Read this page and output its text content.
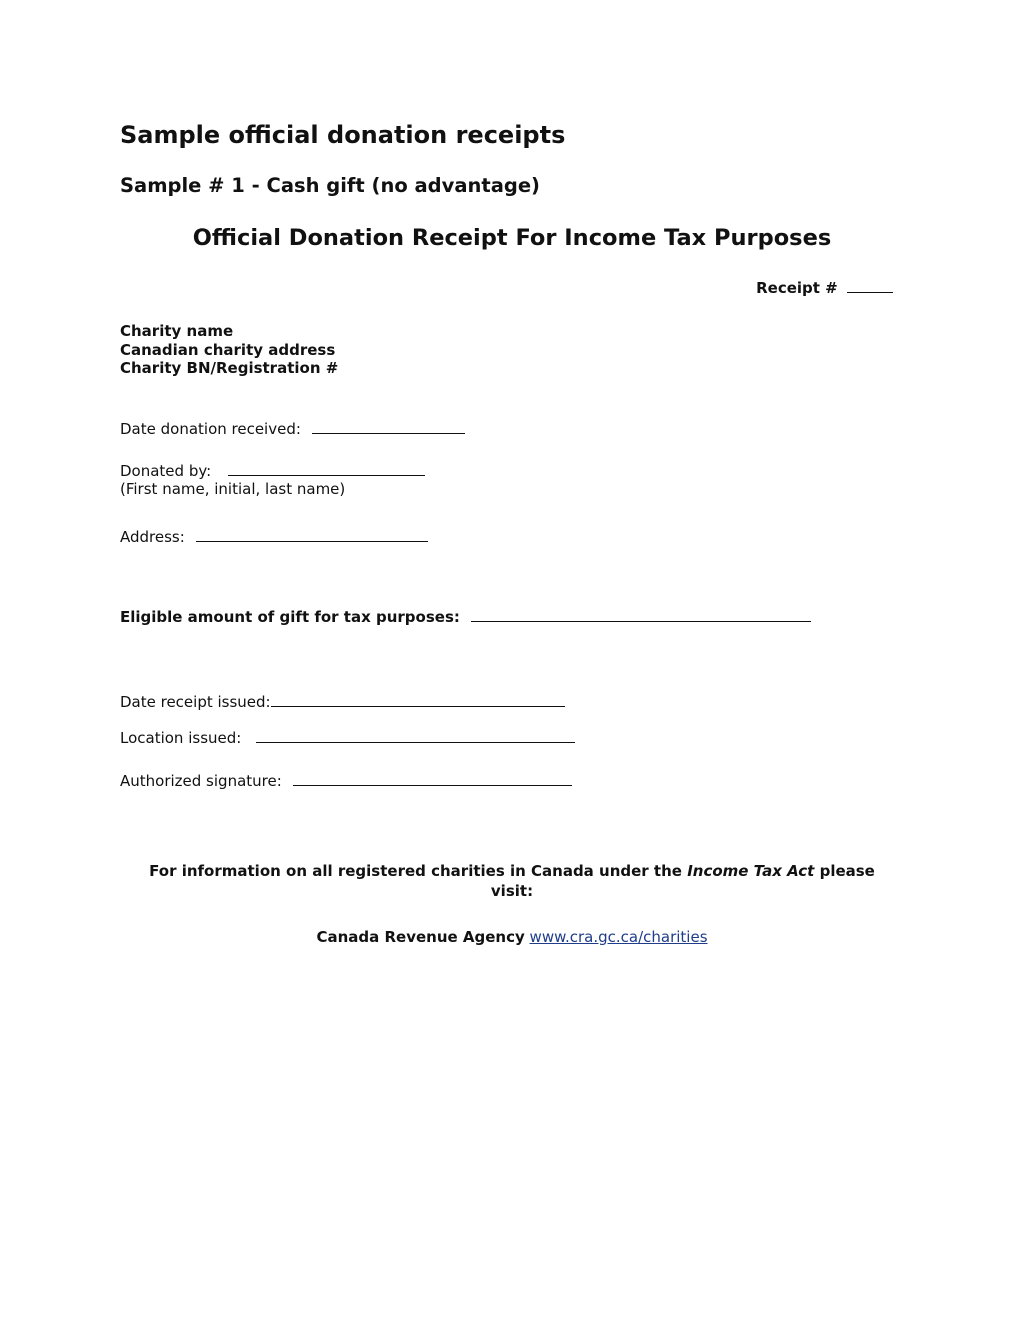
Sample official donation receipts
Sample # 1 - Cash gift (no advantage)
Official Donation Receipt For Income Tax Purposes
Receipt #
Charity name
Canadian charity address
Charity BN/Registration #
Date donation received:
Donated by:
(First name, initial, last name)
Address:
Eligible amount of gift for tax purposes:
Date receipt issued:
Location issued:
Authorized signature:
For information on all registered charities in Canada under the Income Tax Act please
visit:
Canada Revenue Agency www.cra.gc.ca/charities
